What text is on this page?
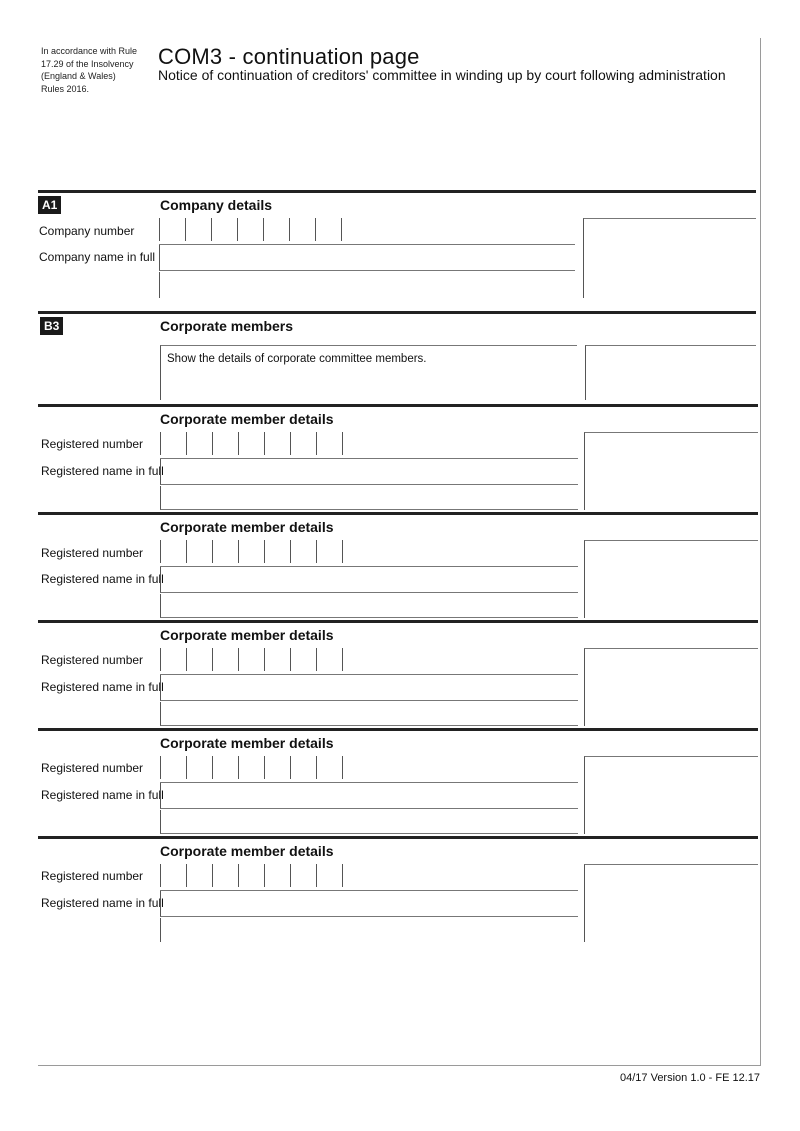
In accordance with Rule 17.29 of the Insolvency (England & Wales) Rules 2016.
COM3 - continuation page
Notice of continuation of creditors' committee in winding up by court following administration
A1	Company details
Company number
Company name in full
B3	Corporate members
Show the details of corporate committee members.
Corporate member details
Registered number
Registered name in full
Corporate member details
Registered number
Registered name in full
Corporate member details
Registered number
Registered name in full
Corporate member details
Registered number
Registered name in full
Corporate member details
Registered number
Registered name in full
04/17 Version 1.0 - FE 12.17
